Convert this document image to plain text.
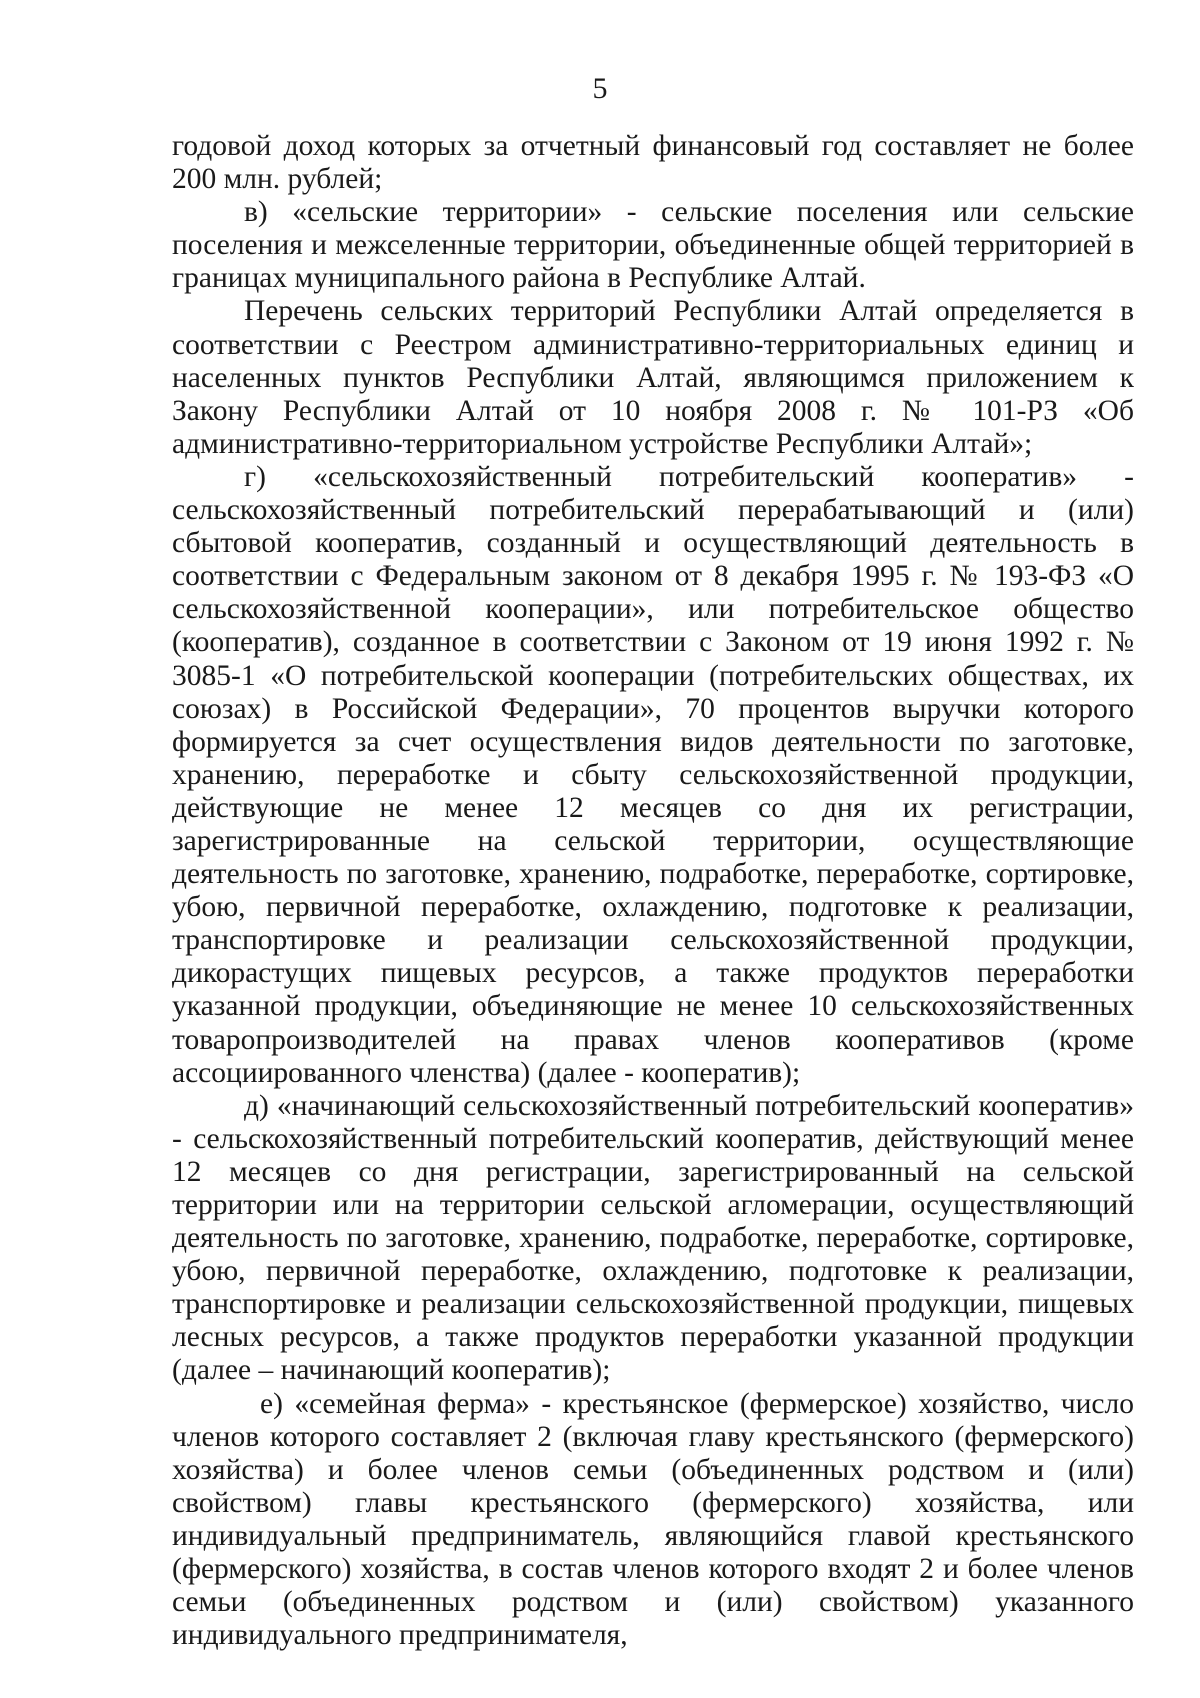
5

годовой доход которых за отчетный финансовый год составляет не более 200 млн. рублей;

в) «сельские территории» - сельские поселения или сельские поселения и межселенные территории, объединенные общей территорией в границах муниципального района в Республике Алтай.

Перечень сельских территорий Республики Алтай определяется в соответствии с Реестром административно-территориальных единиц и населенных пунктов Республики Алтай, являющимся приложением к Закону Республики Алтай от 10 ноября 2008 г. № 101-РЗ «Об административно-территориальном устройстве Республики Алтай»;

г) «сельскохозяйственный потребительский кооператив» - сельскохозяйственный потребительский перерабатывающий и (или) сбытовой кооператив, созданный и осуществляющий деятельность в соответствии с Федеральным законом от 8 декабря 1995 г. № 193-ФЗ «О сельскохозяйственной кооперации», или потребительское общество (кооператив), созданное в соответствии с Законом от 19 июня 1992 г. № 3085-1 «О потребительской кооперации (потребительских обществах, их союзах) в Российской Федерации», 70 процентов выручки которого формируется за счет осуществления видов деятельности по заготовке, хранению, переработке и сбыту сельскохозяйственной продукции, действующие не менее 12 месяцев со дня их регистрации, зарегистрированные на сельской территории, осуществляющие деятельность по заготовке, хранению, подработке, переработке, сортировке, убою, первичной переработке, охлаждению, подготовке к реализации, транспортировке и реализации сельскохозяйственной продукции, дикорастущих пищевых ресурсов, а также продуктов переработки указанной продукции, объединяющие не менее 10 сельскохозяйственных товаропроизводителей на правах членов кооперативов (кроме ассоциированного членства) (далее - кооператив);

д) «начинающий сельскохозяйственный потребительский кооператив» - сельскохозяйственный потребительский кооператив, действующий менее 12 месяцев со дня регистрации, зарегистрированный на сельской территории или на территории сельской агломерации, осуществляющий деятельность по заготовке, хранению, подработке, переработке, сортировке, убою, первичной переработке, охлаждению, подготовке к реализации, транспортировке и реализации сельскохозяйственной продукции, пищевых лесных ресурсов, а также продуктов переработки указанной продукции (далее – начинающий кооператив);

е) «семейная ферма» - крестьянское (фермерское) хозяйство, число членов которого составляет 2 (включая главу крестьянского (фермерского) хозяйства) и более членов семьи (объединенных родством и (или) свойством) главы крестьянского (фермерского) хозяйства, или индивидуальный предприниматель, являющийся главой крестьянского (фермерского) хозяйства, в состав членов которого входят 2 и более членов семьи (объединенных родством и (или) свойством) указанного индивидуального предпринимателя,
